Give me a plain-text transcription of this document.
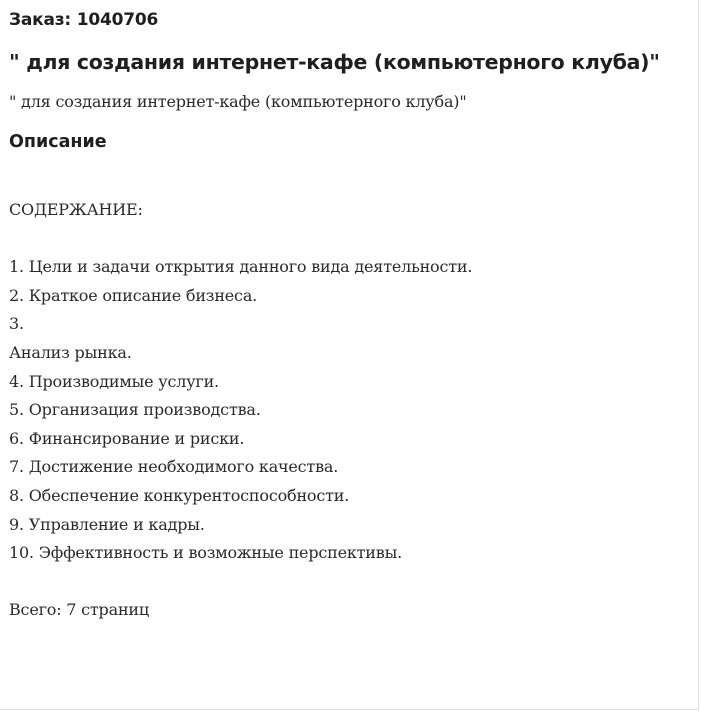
Заказ: 1040706
" для создания интернет-кафе (компьютерного клуба)"
" для создания интернет-кафе (компьютерного клуба)"
Описание
СОДЕРЖАНИЕ:
1. Цели и задачи открытия данного вида деятельности.
2. Краткое описание бизнеса.
3.
Анализ рынка.
4. Производимые услуги.
5. Организация производства.
6. Финансирование и риски.
7. Достижение необходимого качества.
8. Обеспечение конкурентоспособности.
9. Управление и кадры.
10. Эффективность и возможные перспективы.
Всего: 7 страниц
